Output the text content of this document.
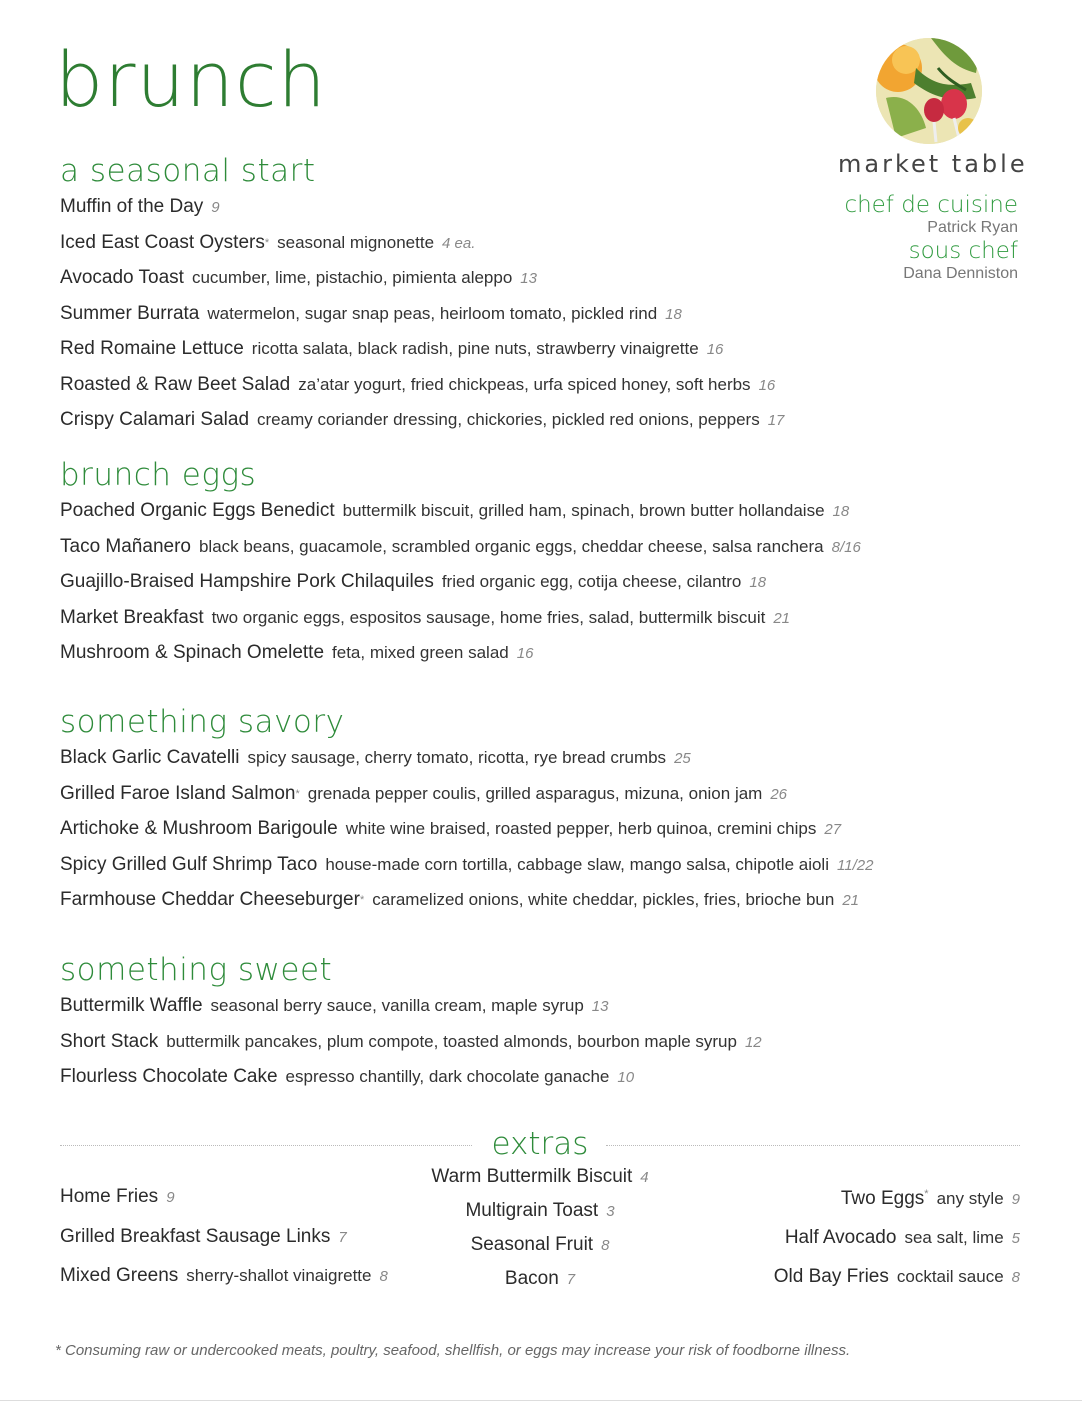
brunch
market table
chef de cuisine
Patrick Ryan
sous chef
Dana Denniston
a seasonal start
Muffin of the Day 9
Iced East Coast Oysters* seasonal mignonette 4 ea.
Avocado Toast cucumber, lime, pistachio, pimienta aleppo 13
Summer Burrata watermelon, sugar snap peas, heirloom tomato, pickled rind 18
Red Romaine Lettuce ricotta salata, black radish, pine nuts, strawberry vinaigrette 16
Roasted & Raw Beet Salad za’atar yogurt, fried chickpeas, urfa spiced honey, soft herbs 16
Crispy Calamari Salad creamy coriander dressing, chickories, pickled red onions, peppers 17
brunch eggs
Poached Organic Eggs Benedict buttermilk biscuit, grilled ham, spinach, brown butter hollandaise 18
Taco Mañanero black beans, guacamole, scrambled organic eggs, cheddar cheese, salsa ranchera 8/16
Guajillo-Braised Hampshire Pork Chilaquiles fried organic egg, cotija cheese, cilantro 18
Market Breakfast two organic eggs, espositos sausage, home fries, salad, buttermilk biscuit 21
Mushroom & Spinach Omelette feta, mixed green salad 16
something savory
Black Garlic Cavatelli spicy sausage, cherry tomato, ricotta, rye bread crumbs 25
Grilled Faroe Island Salmon* grenada pepper coulis, grilled asparagus, mizuna, onion jam 26
Artichoke & Mushroom Barigoule white wine braised, roasted pepper, herb quinoa, cremini chips 27
Spicy Grilled Gulf Shrimp Taco house-made corn tortilla, cabbage slaw, mango salsa, chipotle aioli 11/22
Farmhouse Cheddar Cheeseburger* caramelized onions, white cheddar, pickles, fries, brioche bun 21
something sweet
Buttermilk Waffle seasonal berry sauce, vanilla cream, maple syrup 13
Short Stack buttermilk pancakes, plum compote, toasted almonds, bourbon maple syrup 12
Flourless Chocolate Cake espresso chantilly, dark chocolate ganache 10
extras
Home Fries 9
Grilled Breakfast Sausage Links 7
Mixed Greens sherry-shallot vinaigrette 8
Warm Buttermilk Biscuit 4
Multigrain Toast 3
Seasonal Fruit 8
Bacon 7
Two Eggs* any style 9
Half Avocado sea salt, lime 5
Old Bay Fries cocktail sauce 8
* Consuming raw or undercooked meats, poultry, seafood, shellfish, or eggs may increase your risk of foodborne illness.
